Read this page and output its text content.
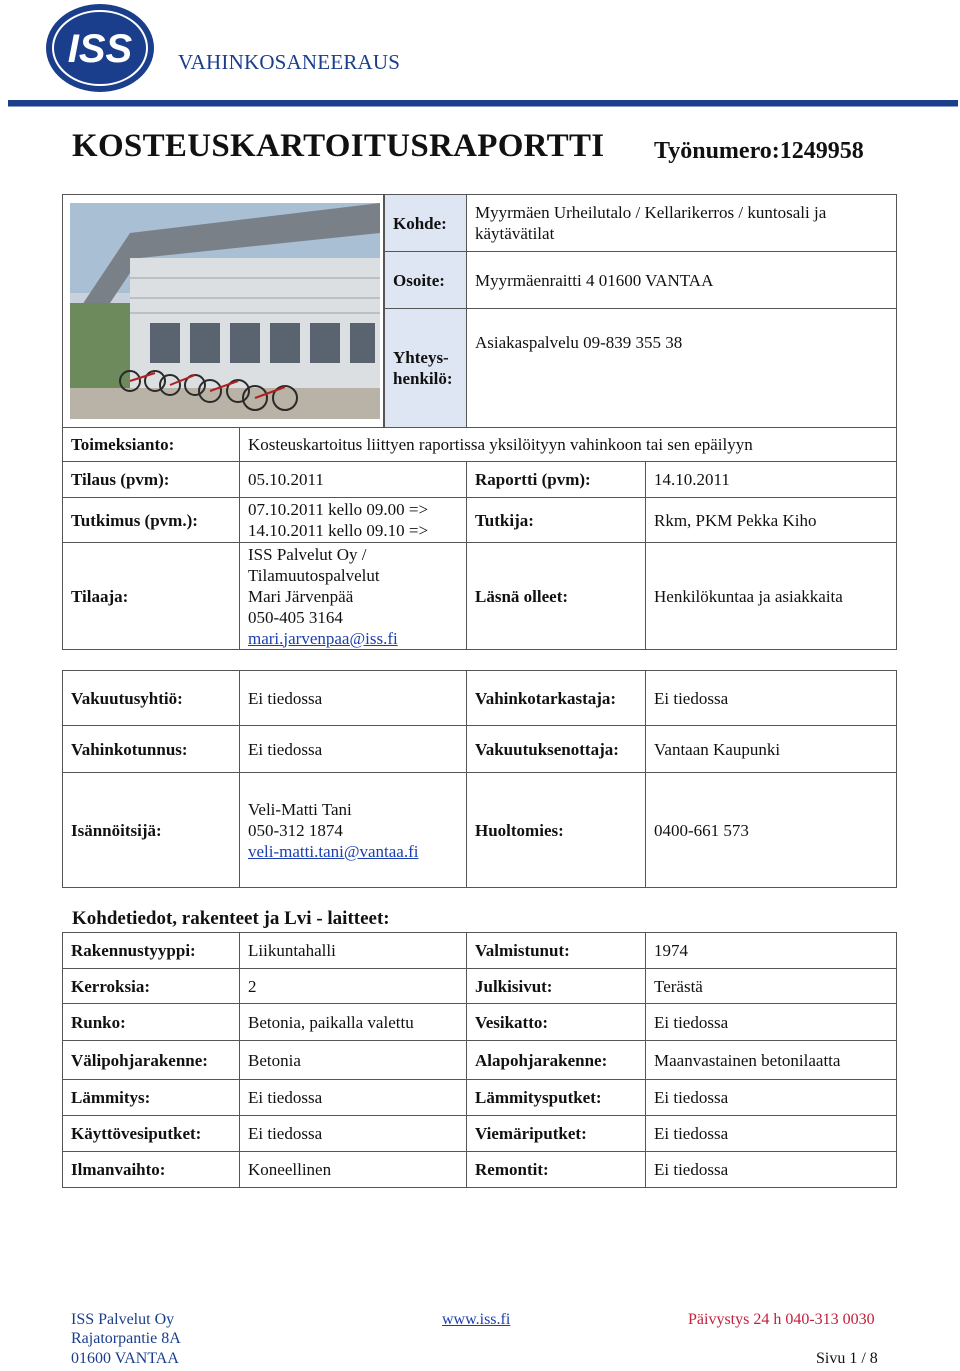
ISS VAHINKOSANEERAUS
KOSTEUSKARTOITUSRAPORTTI Työnumero:1249958
Kohde:
Myyrmäen Urheilutalo / Kellarikerros / kuntosali ja käytävätilat
Osoite:	Myyrmäenraitti 4 01600 VANTAA
Yhteys-
henkilö:
Asiakaspalvelu 09-839 355 38
Toimeksianto:	Kosteuskartoitus liittyen raportissa yksilöityyn vahinkoon tai sen epäilyyn
Tilaus (pvm):	05.10.2011	Raportti (pvm):	14.10.2011
Tutkimus (pvm.):
07.10.2011 kello 09.00 =>
14.10.2011 kello 09.10 =>
Tutkija:	Rkm, PKM Pekka Kiho
Tilaaja:
ISS Palvelut Oy /
Tilamuutospalvelut
Mari Järvenpää
050-405 3164
mari.jarvenpaa@iss.fi
Läsnä olleet:	Henkilökuntaa ja asiakkaita
Vakuutusyhtiö:	Ei tiedossa	Vahinkotarkastaja:	Ei tiedossa
Vahinkotunnus:	Ei tiedossa	Vakuutuksenottaja:	Vantaan Kaupunki
Isännöitsijä:
Veli-Matti Tani
050-312 1874
veli-matti.tani@vantaa.fi
Huoltomies:	0400-661 573
Kohdetiedot, rakenteet ja Lvi - laitteet:
Rakennustyyppi:	Liikuntahalli	Valmistunut:	1974
Kerroksia:	2	Julkisivut:	Terästä
Runko:	Betonia, paikalla valettu	Vesikatto:	Ei tiedossa
Välipohjarakenne:	Betonia	Alapohjarakenne:	Maanvastainen betonilaatta
Lämmitys:	Ei tiedossa	Lämmitysputket:	Ei tiedossa
Käyttövesiputket:	Ei tiedossa	Viemäriputket:	Ei tiedossa
Ilmanvaihto:	Koneellinen	Remontit:	Ei tiedossa
ISS Palvelut Oy
Rajatorpantie 8A
01600 VANTAA
www.iss.fi	Päivystys 24 h 040-313 0030
Sivu 1 / 8
